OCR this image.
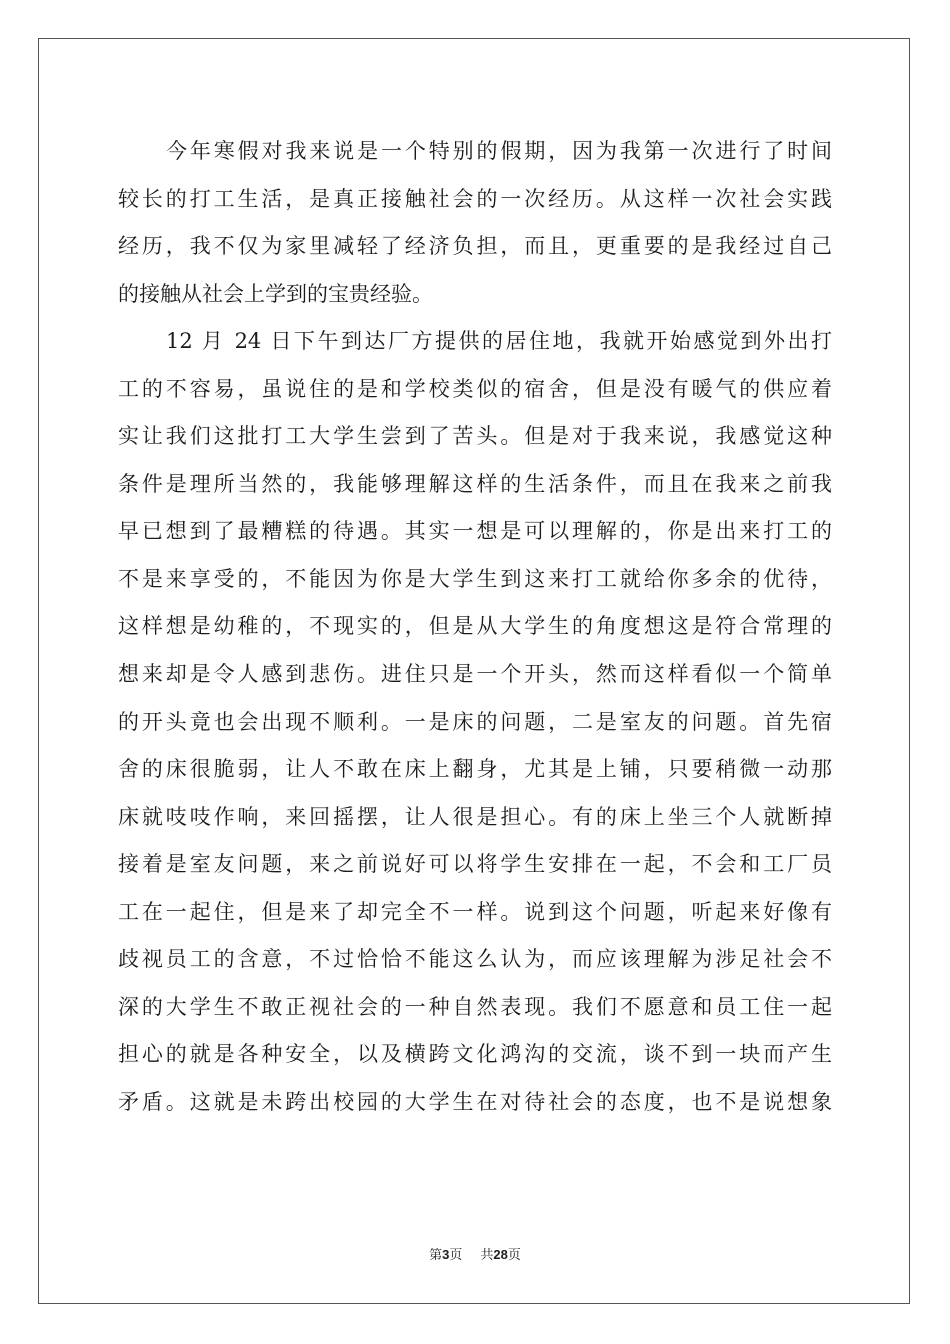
今年寒假对我来说是一个特别的假期，因为我第一次进行了时间
较长的打工生活，是真正接触社会的一次经历。从这样一次社会实践
经历，我不仅为家里减轻了经济负担，而且，更重要的是我经过自己
的接触从社会上学到的宝贵经验。
12 月 24 日下午到达厂方提供的居住地，我就开始感觉到外出打
工的不容易，虽说住的是和学校类似的宿舍，但是没有暖气的供应着
实让我们这批打工大学生尝到了苦头。但是对于我来说，我感觉这种
条件是理所当然的，我能够理解这样的生活条件，而且在我来之前我
早已想到了最糟糕的待遇。其实一想是可以理解的，你是出来打工的
不是来享受的，不能因为你是大学生到这来打工就给你多余的优待，
这样想是幼稚的，不现实的，但是从大学生的角度想这是符合常理的
想来却是令人感到悲伤。进住只是一个开头，然而这样看似一个简单
的开头竟也会出现不顺利。一是床的问题，二是室友的问题。首先宿
舍的床很脆弱，让人不敢在床上翻身，尤其是上铺，只要稍微一动那
床就吱吱作响，来回摇摆，让人很是担心。有的床上坐三个人就断掉
接着是室友问题，来之前说好可以将学生安排在一起，不会和工厂员
工在一起住，但是来了却完全不一样。说到这个问题，听起来好像有
歧视员工的含意，不过恰恰不能这么认为，而应该理解为涉足社会不
深的大学生不敢正视社会的一种自然表现。我们不愿意和员工住一起
担心的就是各种安全，以及横跨文化鸿沟的交流，谈不到一块而产生
矛盾。这就是未跨出校园的大学生在对待社会的态度，也不是说想象
第3页 共28页
